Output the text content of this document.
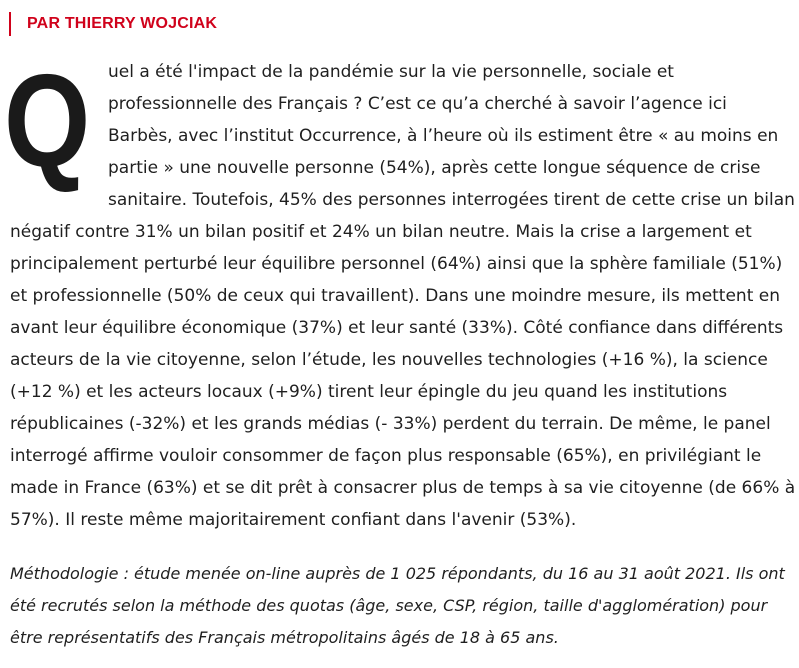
PAR THIERRY WOJCIAK
Q	uel a été l'impact de la pandémie sur la vie personnelle, sociale et professionnelle des Français ? C’est ce qu’a cherché à savoir l’agence ici Barbès, avec l’institut Occurrence, à l’heure où ils estiment être « au moins en partie » une nouvelle personne (54%), après cette longue séquence de crise sanitaire. Toutefois, 45% des personnes interrogées tirent de cette crise un bilan négatif contre 31% un bilan positif et 24% un bilan neutre. Mais la crise a largement et principalement perturbé leur équilibre personnel (64%) ainsi que la sphère familiale (51%) et professionnelle (50% de ceux qui travaillent). Dans une moindre mesure, ils mettent en avant leur équilibre économique (37%) et leur santé (33%). Côté confiance dans différents acteurs de la vie citoyenne, selon l’étude, les nouvelles technologies (+16 %), la science (+12 %) et les acteurs locaux (+9%) tirent leur épingle du jeu quand les institutions républicaines (-32%) et les grands médias (- 33%) perdent du terrain. De même, le panel interrogé affirme vouloir consommer de façon plus responsable (65%), en privilégiant le made in France (63%) et se dit prêt à consacrer plus de temps à sa vie citoyenne (de 66% à 57%). Il reste même majoritairement confiant dans l'avenir (53%).

Méthodologie : étude menée on-line auprès de 1 025 répondants, du 16 au 31 août 2021. Ils ont été recrutés selon la méthode des quotas (âge, sexe, CSP, région, taille d'agglomération) pour être représentatifs des Français métropolitains âgés de 18 à 65 ans.
